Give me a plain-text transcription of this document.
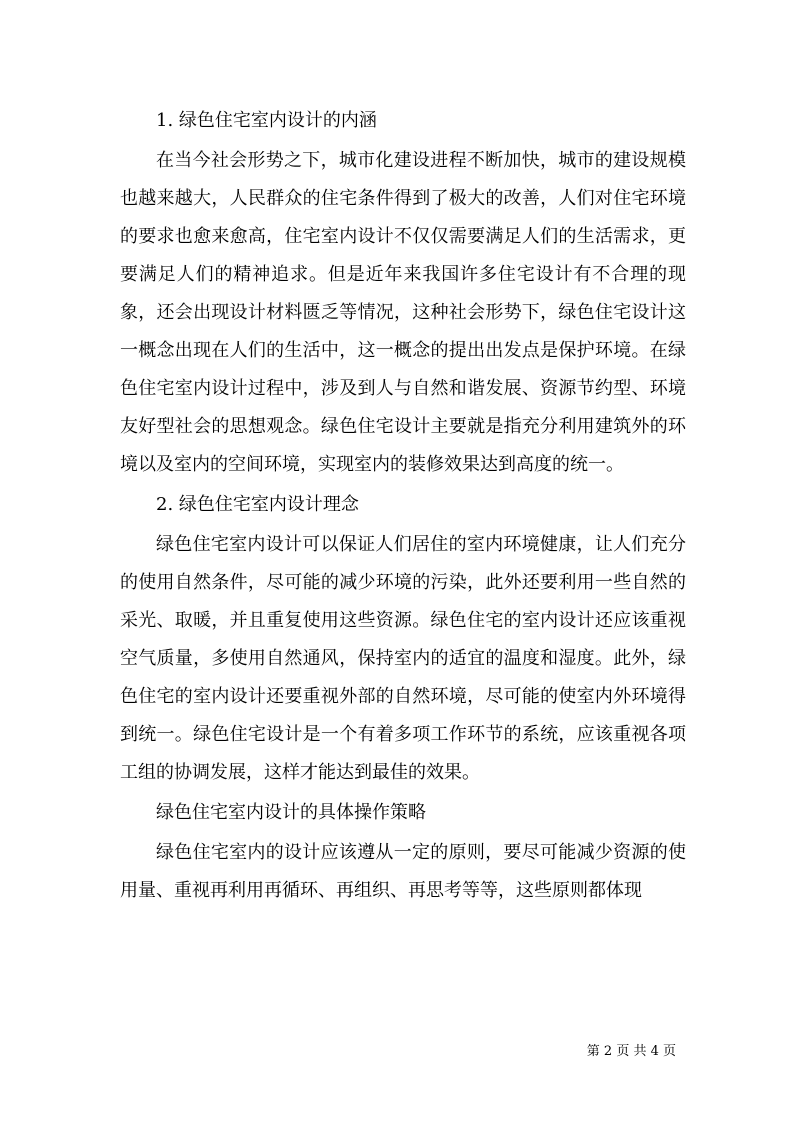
1. 绿色住宅室内设计的内涵

在当今社会形势之下，城市化建设进程不断加快，城市的建设规模也越来越大，人民群众的住宅条件得到了极大的改善，人们对住宅环境的要求也愈来愈高，住宅室内设计不仅仅需要满足人们的生活需求，更要满足人们的精神追求。但是近年来我国许多住宅设计有不合理的现象，还会出现设计材料匮乏等情况，这种社会形势下，绿色住宅设计这一概念出现在人们的生活中，这一概念的提出出发点是保护环境。在绿色住宅室内设计过程中，涉及到人与自然和谐发展、资源节约型、环境友好型社会的思想观念。绿色住宅设计主要就是指充分利用建筑外的环境以及室内的空间环境，实现室内的装修效果达到高度的统一。

2. 绿色住宅室内设计理念

绿色住宅室内设计可以保证人们居住的室内环境健康，让人们充分的使用自然条件，尽可能的减少环境的污染，此外还要利用一些自然的采光、取暖，并且重复使用这些资源。绿色住宅的室内设计还应该重视空气质量，多使用自然通风，保持室内的适宜的温度和湿度。此外，绿色住宅的室内设计还要重视外部的自然环境，尽可能的使室内外环境得到统一。绿色住宅设计是一个有着多项工作环节的系统，应该重视各项工组的协调发展，这样才能达到最佳的效果。

绿色住宅室内设计的具体操作策略

绿色住宅室内的设计应该遵从一定的原则，要尽可能减少资源的使用量、重视再利用再循环、再组织、再思考等等，这些原则都体现

第 2 页 共 4 页
